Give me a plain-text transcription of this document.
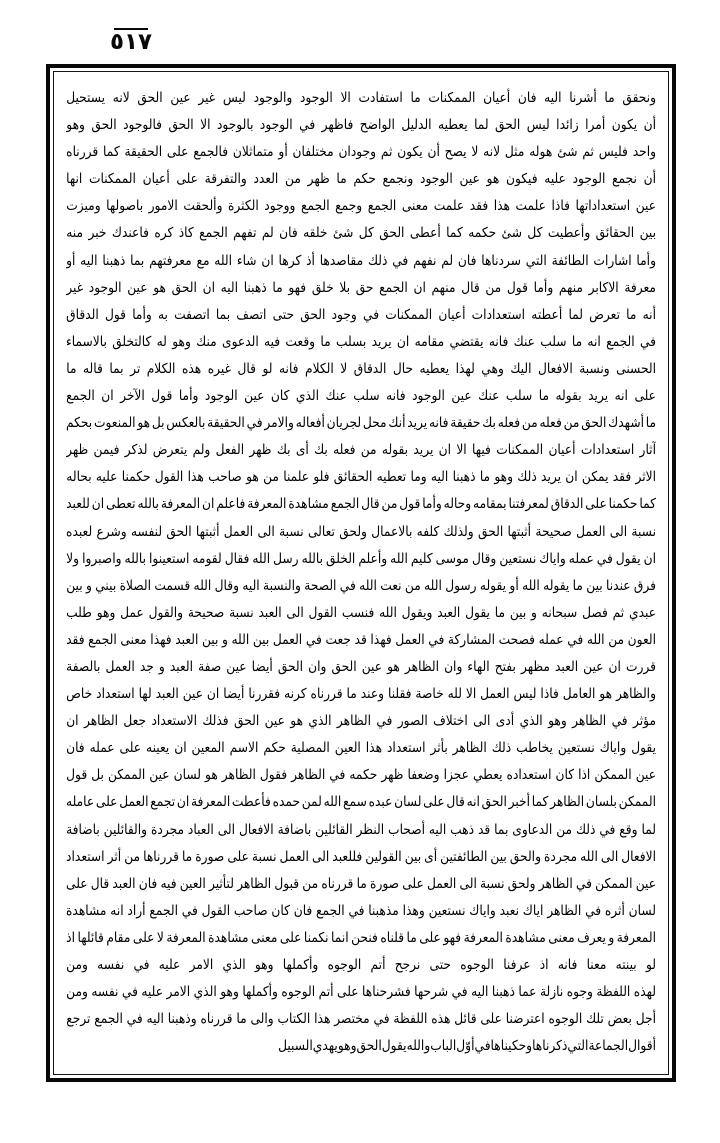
٥١٧
ونحقق
ما
أشرنا
اليه
فان
أعيان
الممكنات
ما
استفادت
الا
الوجود
والوجود
ليس
غير
عين
الحق
لانه
يستحيل
أن
يكون
أمرا
زائدا
ليس
الحق
لما
يعطيه
الدليل
الواضح
فاظهر
في
الوجود
بالوجود
الا
الحق
فالوجود
الحق
وهو
واحد
فليس
ثم
شئ
هوله
مثل
لانه
لا
يصح
أن
يكون
ثم
وجودان
مختلفان
أو
متماثلان
فالجمع
على
الحقيقة
كما
قررناه
أن
نجمع
الوجود
عليه
فيكون
هو
عين
الوجود
ونجمع
حكم
ما
ظهر
من
العدد
والتفرقة
على
أعيان
الممكنات
انها
عين
استعداداتها
فاذا
علمت
هذا
فقد
علمت
معنى
الجمع
وجمع
الجمع
ووجود
الكثرة
وألحقت
الامور
باصولها
وميزت
بين
الحقائق
وأعطيت
كل
شئ
حكمه
كما
أعطى
الحق
كل
شئ
خلقه
فان
لم
تفهم
الجمع
كاذ
كره
فاعندك
خبر
منه
وأما
اشارات
الطائفة
التي
سردناها
فان
لم
نفهم
في
ذلك
مقاصدها
أذ
كرها
ان
شاء
الله
مع
معرفتهم
بما
ذهبنا
اليه
أو
معرفة
الاكابر
منهم
وأما
قول
من
قال
منهم
ان
الجمع
حق
بلا
خلق
فهو
ما
ذهبنا
اليه
ان
الحق
هو
عين
الوجود
غير
أنه
ما
تعرض
لما
أعطته
استعدادات
أعيان
الممكنات
في
وجود
الحق
حتى
اتصف
بما
اتصفت
به
وأما
قول
الدقاق
في
الجمع
انه
ما
سلب
عنك
فانه
يقتضي
مقامه
ان
يريد
بسلب
ما
وقعت
فيه
الدعوى
منك
وهو
له
كالتخلق
بالاسماء
الحسنى
ونسبة
الافعال
اليك
وهي
لهذا
يعطيه
حال
الدقاق
لا
الكلام
فانه
لو
قال
غيره
هذه
الكلام
تر
بما
قاله
ما
على
انه
يريد
بقوله
ما
سلب
عنك
عين
الوجود
فانه
سلب
عنك
الذي
كان
عين
الوجود
وأما
قول
الآخر
ان
الجمع
ما
أشهدك
الحق
من
فعله
من
فعله
بك
حقيقة
فانه
يريد
أنك
محل
لجريان
أفعاله
والامر
في
الحقيقة
بالعكس
بل
هو
المنعوت
بحكم
آثار
استعدادات
أعيان
الممكنات
فيها
الا
ان
يريد
بقوله
من
فعله
بك
أى
بك
ظهر
الفعل
ولم
يتعرض
لذكر
فيمن
ظهر
الاثر
فقد
يمكن
ان
يريد
ذلك
وهو
ما
ذهبنا
اليه
وما
تعطيه
الحقائق
فلو
علمنا
من
هو
صاحب
هذا
القول
حكمنا
عليه
بحاله
كما
حكمنا
على
الدقاق
لمعرفتنا
بمقامه
وحاله
وأما
قول
من
قال
الجمع
مشاهدة
المعرفة
فاعلم
ان
المعرفة
بالله
تعطى
ان
للعبد
نسبة
الى
العمل
صحيحة
أثبتها
الحق
ولذلك
كلفه
بالاعمال
ولحق
تعالى
نسبة
الى
العمل
أثبتها
الحق
لنفسه
وشرع
لعبده
ان
يقول
في
عمله
واياك
نستعين
وقال
موسى
كليم
الله
وأعلم
الخلق
بالله
رسل
الله
فقال
لقومه
استعينوا
بالله
واصبروا
ولا
فرق
عندنا
بين
ما
يقوله
الله
أو
يقوله
رسول
الله
من
نعت
الله
في
الصحة
والنسبة
اليه
وقال
الله
قسمت
الصلاة
بيني
و
بين
عبدي
ثم
فصل
سبحانه
و
بين
ما
يقول
العبد
ويقول
الله
فنسب
القول
الى
العبد
نسبة
صحيحة
والقول
عمل
وهو
طلب
العون
من
الله
في
عمله
فصحت
المشاركة
في
العمل
فهذا
قد
جعت
في
العمل
بين
الله
و
بين
العبد
فهذا
معنى
الجمع
فقد
قررت
ان
عين
العبد
مظهر
بفتح
الهاء
وان
الظاهر
هو
عين
الحق
وان
الحق
أيضا
عين
صفة
العبد
و
جد
العمل
بالصفة
والظاهر
هو
العامل
فاذا
ليس
العمل
الا
لله
خاصة
فقلنا
وعند
ما
قررناه
كرنه
فقررنا
أيضا
ان
عين
العبد
لها
استعداد
خاص
مؤثر
في
الظاهر
وهو
الذي
أدى
الى
اختلاف
الصور
في
الظاهر
الذي
هو
عين
الحق
فذلك
الاستعداد
جعل
الظاهر
ان
يقول
واياك
نستعين
يخاطب
ذلك
الظاهر
بأثر
استعداد
هذا
العين
المصلية
حكم
الاسم
المعين
ان
يعينه
على
عمله
فان
عين
الممكن
اذا
كان
استعداده
يعطي
عجزا
وضعفا
ظهر
حكمه
في
الظاهر
فقول
الظاهر
هو
لسان
عين
الممكن
بل
قول
الممكن
بلسان
الظاهر
كما
أخبر
الحق
انه
قال
على
لسان
عبده
سمع
الله
لمن
حمده
فأعطت
المعرفة
ان
تجمع
العمل
على
عامله
لما
وقع
في
ذلك
من
الدعاوى
بما
قد
ذهب
اليه
أصحاب
النظر
القائلين
باضافة
الافعال
الى
العباد
مجردة
والقائلين
باضافة
الافعال
الى
الله
مجردة
والحق
بين
الطائفتين
أى
بين
القولين
فللعبد
الى
العمل
نسبة
على
صورة
ما
قررناها
من
أثر
استعداد
عين
الممكن
في
الظاهر
ولحق
نسبة
الى
العمل
على
صورة
ما
قررناه
من
قبول
الظاهر
لتأثير
العين
فيه
فان
العبد
قال
على
لسان
أثره
في
الظاهر
اياك
نعبد
واياك
نستعين
وهذا
مذهبنا
في
الجمع
فان
كان
صاحب
القول
في
الجمع
أراد
انه
مشاهدة
المعرفة
و
يعرف
معنى
مشاهدة
المعرفة
فهو
على
ما
قلناه
فنحن
انما
نكمنا
على
معنى
مشاهدة
المعرفة
لا
على
مقام
قائلها
اذ
لو
بينته
معنا
فانه
اذ
عرفنا
الوجوه
حتى
نرجح
أتم
الوجوه
وأكملها
وهو
الذي
الامر
عليه
في
نفسه
ومن
لهذه
اللفظة
وجوه
نازلة
عما
ذهبنا
اليه
في
شرحها
فشرحناها
على
أتم
الوجوه
وأكملها
وهو
الذي
الامر
عليه
في
نفسه
ومن
أجل
بعض
تلك
الوجوه
اعترضنا
على
قائل
هذه
اللفظة
في
مختصر
هذا
الكتاب
والى
ما
قررناه
وذهبنا
اليه
في
الجمع
ترجع
أقوال
الجماعة
التي
ذكرناها
وحكيناها
في
أوّل
الباب
والله
يقول
الحق
وهو
يهدي
السبيل
